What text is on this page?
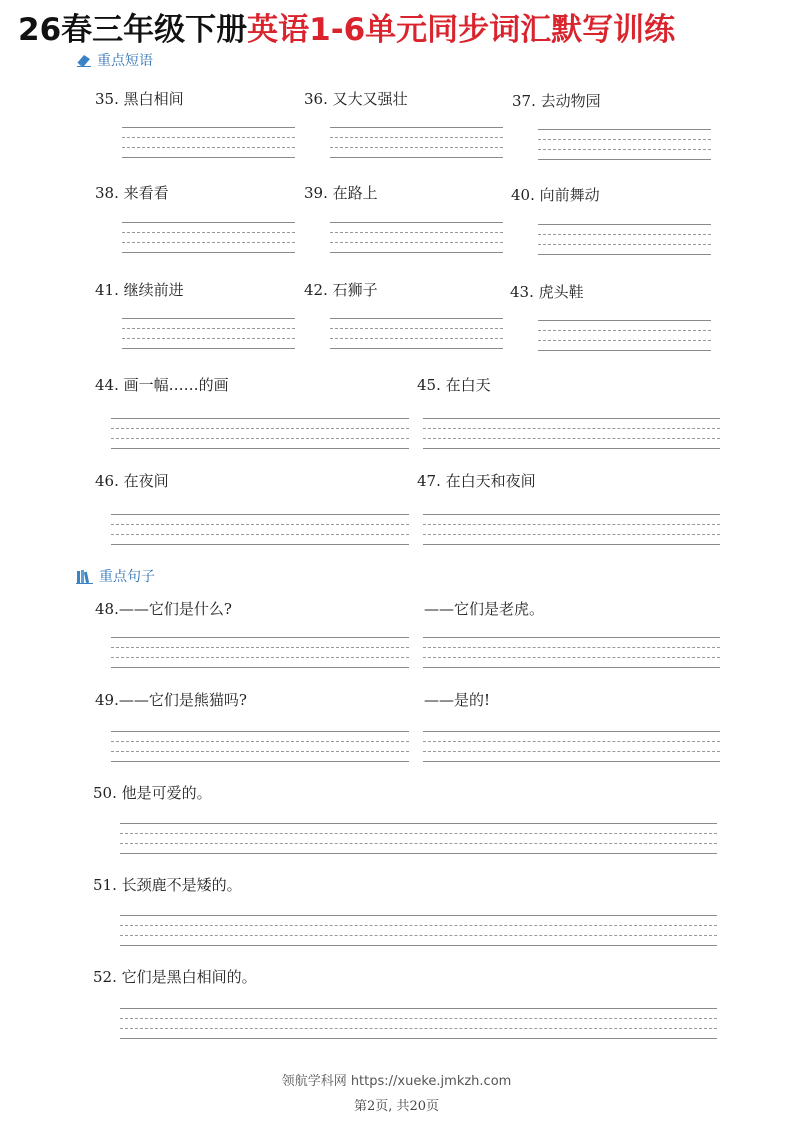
26春三年级下册英语1-6单元同步词汇默写训练
重点短语
35. 黑白相间	36. 又大又强壮	37. 去动物园
38. 来看看	39. 在路上	40. 向前舞动
41. 继续前进	42. 石狮子	43. 虎头鞋
44. 画一幅……的画	45. 在白天
46. 在夜间	47. 在白天和夜间
重点句子
48.——它们是什么?	——它们是老虎。
49.——它们是熊猫吗?	——是的!
50. 他是可爱的。
51. 长颈鹿不是矮的。
52. 它们是黑白相间的。
领航学科网 https://xueke.jmkzh.com
第2页, 共20页
